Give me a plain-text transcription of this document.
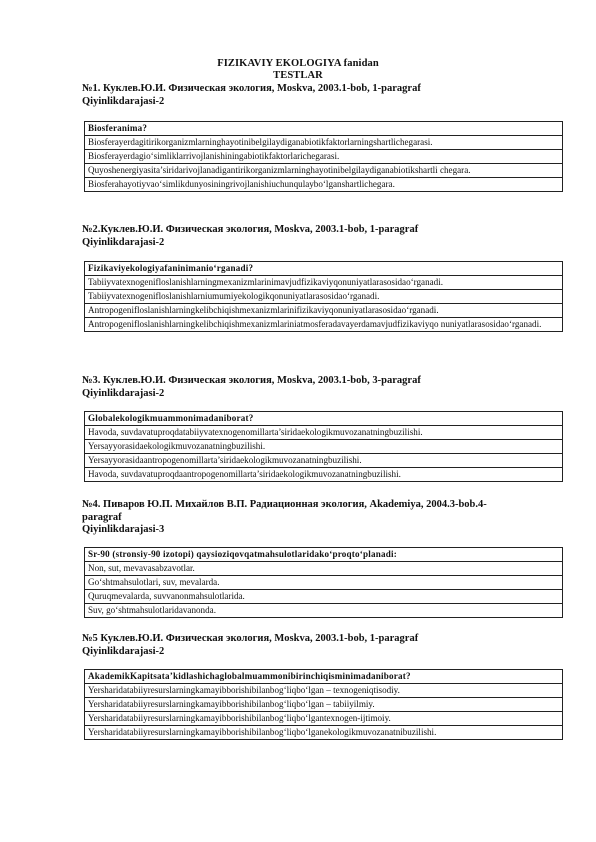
FIZIKAVIY EKOLOGIYA fanidan
TESTLAR
№1. Куклев.Ю.И. Физическая экология, Moskva, 2003.1-bob, 1-paragraf
Qiyinlikdarajasi-2
Biosferanima?
Biosferayerdagitirikorganizmlarninghayotinibelgilaydiganabiotikfaktorlarningshartlichegarasi.
Biosferayerdagio‘simliklarrivojlanishiningabiotikfaktorlarichegarasi.
Quyoshenergiyasita’siridarivojlanadigantirikorganizmlarninghayotinibelgilaydiganabiotikshartli chegara.
Biosferahayotiyvao‘simlikdunyosiningrivojlanishiuchunqulaybo‘lganshartlichegara.
№2.Куклев.Ю.И. Физическая экология, Moskva, 2003.1-bob, 1-paragraf
Qiyinlikdarajasi-2
Fizikaviyekologiyafaninimanio‘rganadi?
Tabiiyvatexnogenifloslanishlarningmexanizmlarinimavjudfizikaviyqonuniyatlarasosidao‘rganadi.
Tabiiyvatexnogenifloslanishlarniumumiyekologikqonuniyatlarasosidao‘rganadi.
Antropogenifloslanishlarningkelibchiqishmexanizmlarinifizikaviyqonuniyatlarasosidao‘rganadi.
Antropogenifloslanishlarningkelibchiqishmexanizmlariniatmosferadavayerdamavjudfizikaviyqo nuniyatlarasosidao‘rganadi.
№3. Куклев.Ю.И. Физическая экология, Moskva, 2003.1-bob, 3-paragraf
Qiyinlikdarajasi-2
Globalekologikmuammonimadaniborat?
Havoda, suvdavatuproqdatabiiyvatexnogenomillarta’siridaekologikmuvozanatningbuzilishi.
Yersayyorasidaekologikmuvozanatningbuzilishi.
Yersayyorasidaantropogenomillarta’siridaekologikmuvozanatningbuzilishi.
Havoda, suvdavatuproqdaantropogenomillarta’siridaekologikmuvozanatningbuzilishi.
№4. Пиваров Ю.П. Михайлов В.П. Радиационная экология, Akademiya, 2004.3-bob.4-
paragraf
Qiyinlikdarajasi-3
Sr-90 (stronsiy-90 izotopi) qaysioziqovqatmahsulotlaridako‘proqto‘planadi:
Non, sut, mevavasabzavotlar.
Go‘shtmahsulotlari, suv, mevalarda.
Quruqmevalarda, suvvanonmahsulotlarida.
Suv, go‘shtmahsulotlaridavanonda.
№5 Куклев.Ю.И. Физическая экология, Moskva, 2003.1-bob, 1-paragraf
Qiyinlikdarajasi-2
AkademikKapitsata’kidlashichaglobalmuammonibirinchiqisminimadaniborat?
Yersharidatabiiyresurslarningkamayibborishibilanbog‘liqbo‘lgan – texnogeniqtisodiy.
Yersharidatabiiyresurslarningkamayibborishibilanbog‘liqbo‘lgan – tabiiyilmiy.
Yersharidatabiiyresurslarningkamayibborishibilanbog‘liqbo‘lgantexnogen-ijtimoiy.
Yersharidatabiiyresurslarningkamayibborishibilanbog‘liqbo‘lganekologikmuvozanatnibuzilishi.
